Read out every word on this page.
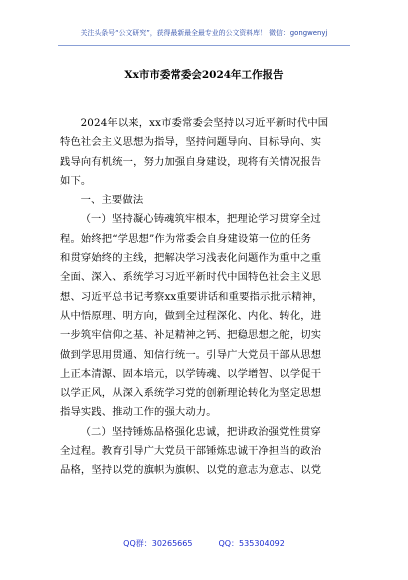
关注头条号“公文研究”，获得最新最全最专业的公文资料库！ 微信：gongwenyj
Xx市市委常委会2024年工作报告

2024年以来，xx市委常委会坚持以习近平新时代中国

特色社会主义思想为指导，坚持问题导向、目标导向、实

践导向有机统一，努力加强自身建设，现将有关情况报告

如下。

一、主要做法

（一）坚持凝心铸魂筑牢根本，把理论学习贯穿全过

程。始终把“学思想”作为常委会自身建设第一位的任务

和贯穿始终的主线，把解决学习浅表化问题作为重中之重

全面、深入、系统学习习近平新时代中国特色社会主义思

想、习近平总书记考察xx重要讲话和重要指示批示精神，

从中悟原理、明方向，做到全过程深化、内化、转化，进

一步筑牢信仰之基、补足精神之钙、把稳思想之舵，切实

做到学思用贯通、知信行统一。引导广大党员干部从思想

上正本清源、固本培元，以学铸魂、以学增智、以学促干

以学正风，从深入系统学习党的创新理论转化为坚定思想

指导实践、推动工作的强大动力。

（二）坚持锤炼品格强化忠诚，把讲政治强党性贯穿

全过程。教育引导广大党员干部锤炼忠诚干净担当的政治

品格，坚持以党的旗帜为旗帜、以党的意志为意志、以党

QQ群：30265665	QQ：535304092
